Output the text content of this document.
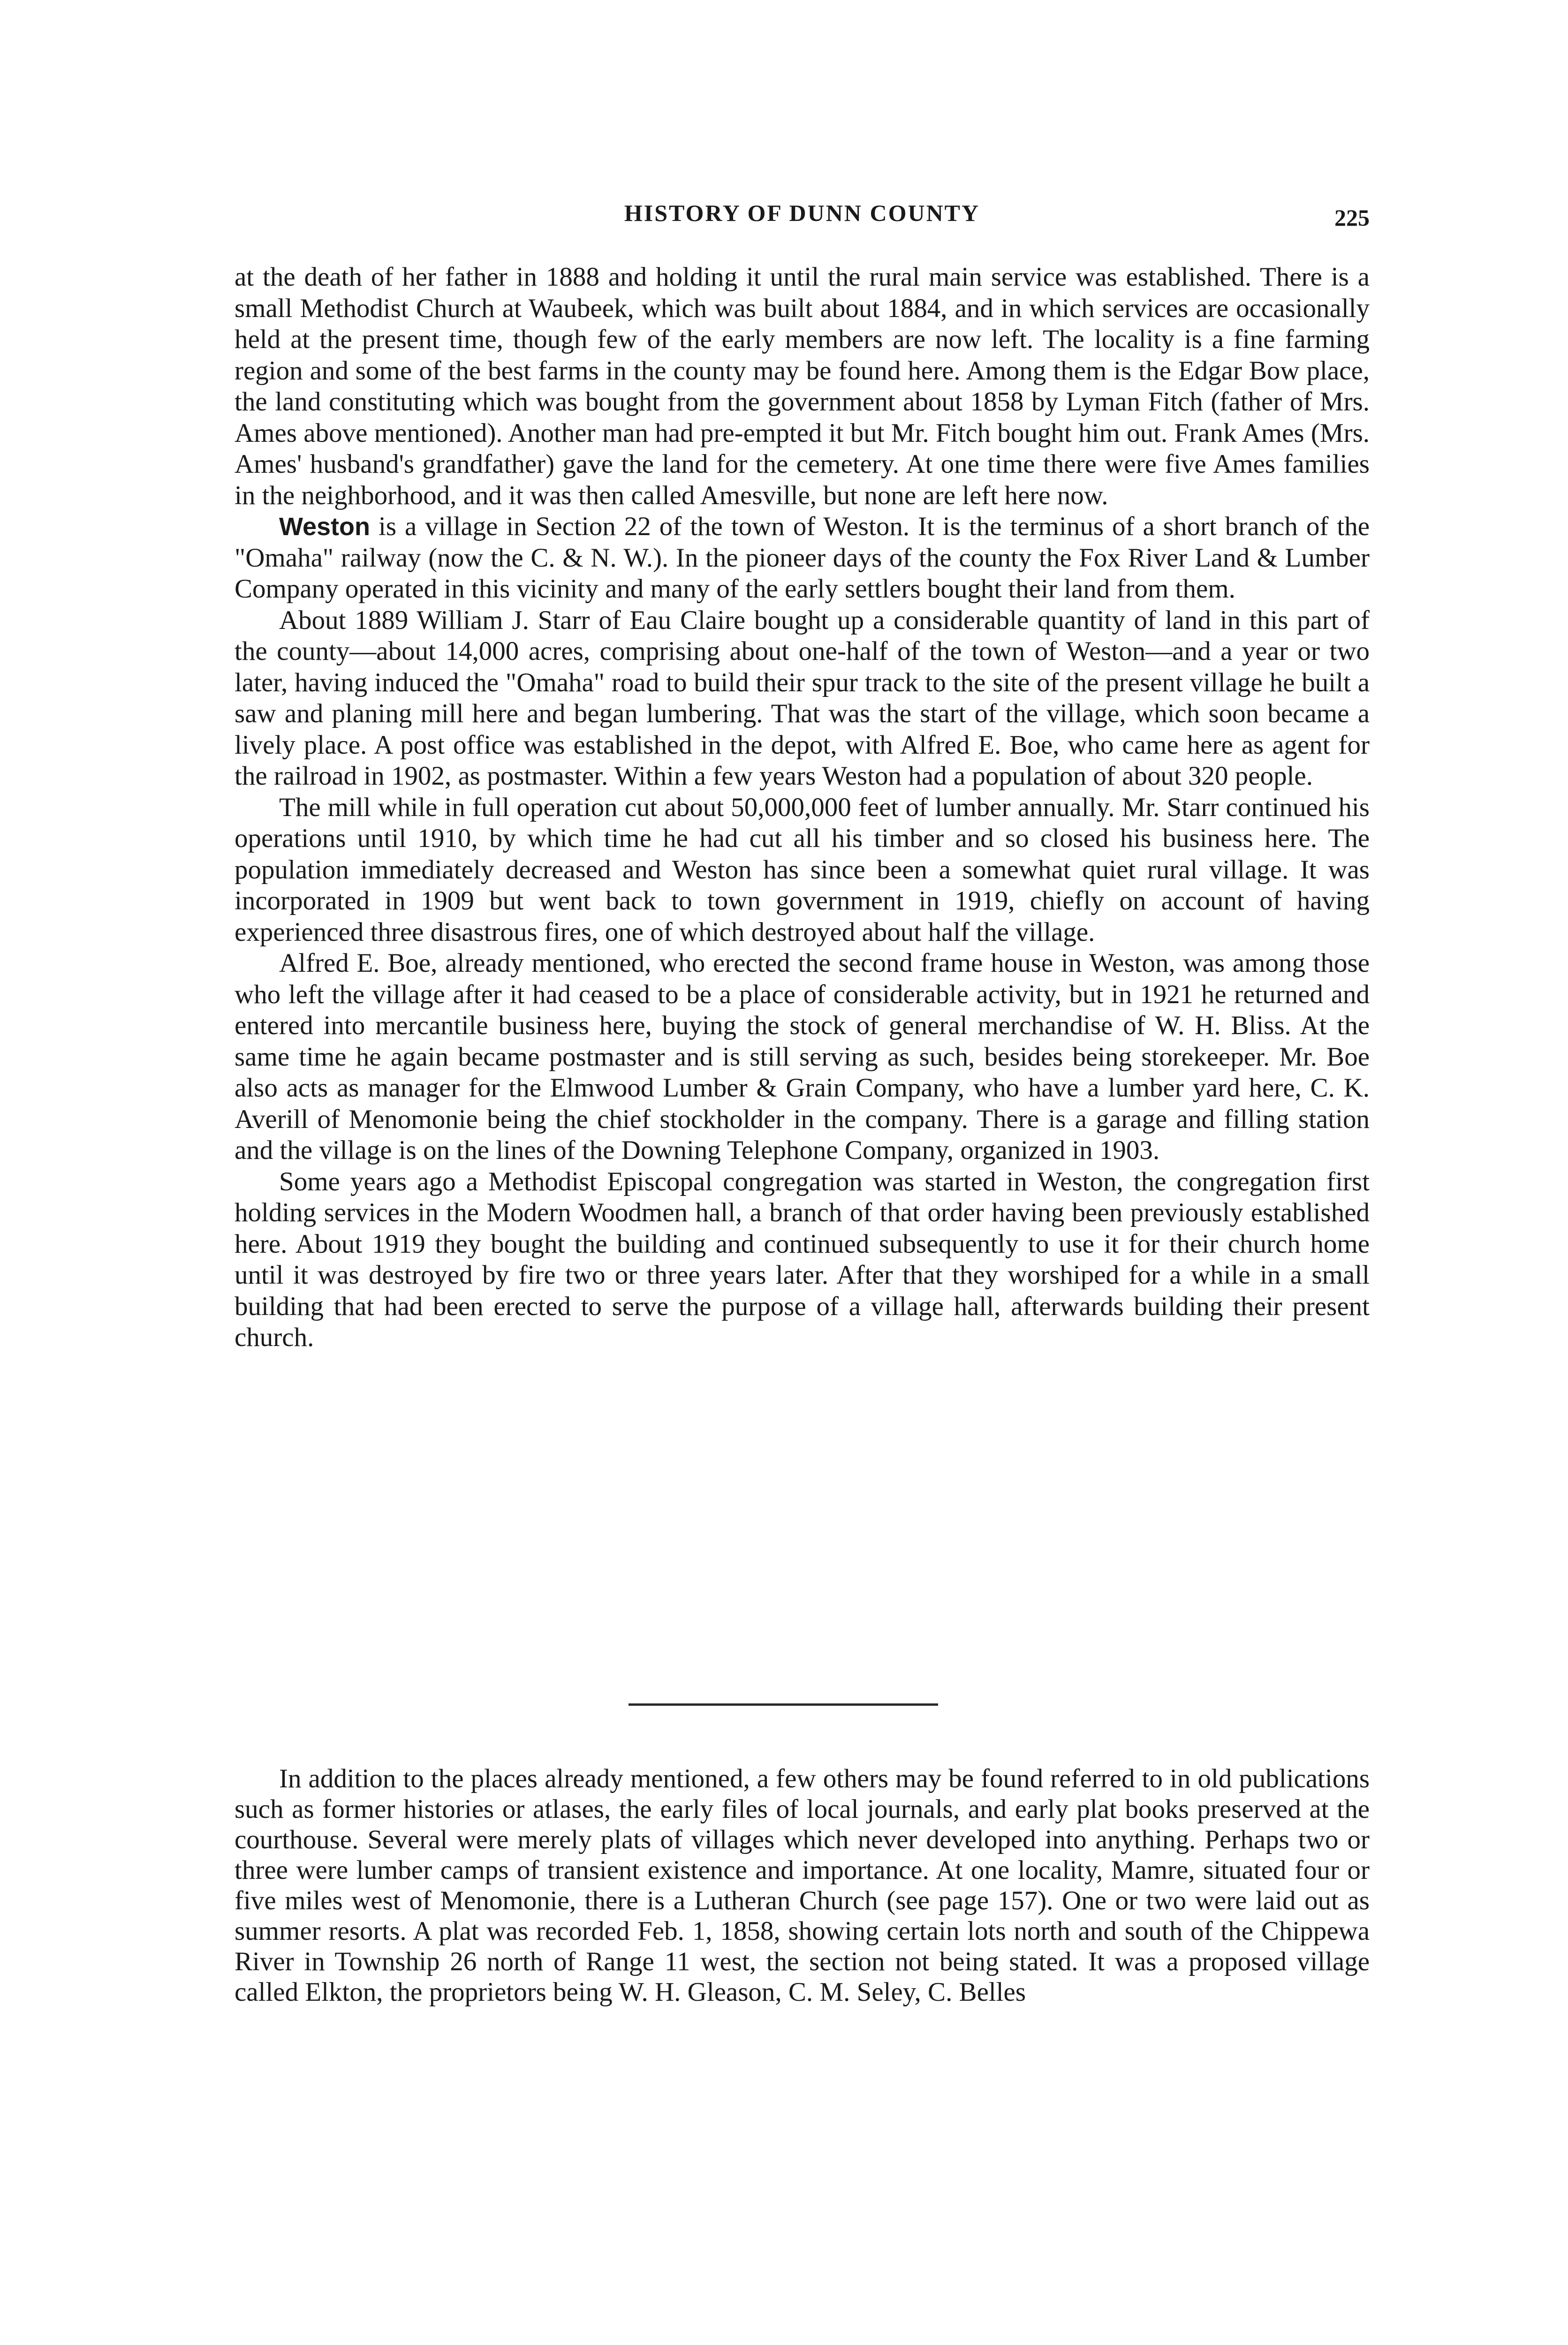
HISTORY OF DUNN COUNTY	225

at the death of her father in 1888 and holding it until the rural main service was established. There is a small Methodist Church at Waubeek, which was built about 1884, and in which services are occasionally held at the present time, though few of the early members are now left. The locality is a fine farming region and some of the best farms in the county may be found here. Among them is the Edgar Bow place, the land constituting which was bought from the government about 1858 by Lyman Fitch (father of Mrs. Ames above mentioned). Another man had pre-empted it but Mr. Fitch bought him out. Frank Ames (Mrs. Ames' husband's grandfather) gave the land for the cemetery. At one time there were five Ames families in the neighborhood, and it was then called Amesville, but none are left here now.

Weston is a village in Section 22 of the town of Weston. It is the terminus of a short branch of the "Omaha" railway (now the C. & N. W.). In the pioneer days of the county the Fox River Land & Lumber Company operated in this vicinity and many of the early settlers bought their land from them.

About 1889 William J. Starr of Eau Claire bought up a considerable quantity of land in this part of the county—about 14,000 acres, comprising about one-half of the town of Weston—and a year or two later, having induced the "Omaha" road to build their spur track to the site of the present village he built a saw and planing mill here and began lumbering. That was the start of the village, which soon became a lively place. A post office was established in the depot, with Alfred E. Boe, who came here as agent for the railroad in 1902, as postmaster. Within a few years Weston had a population of about 320 people.

The mill while in full operation cut about 50,000,000 feet of lumber annually. Mr. Starr continued his operations until 1910, by which time he had cut all his timber and so closed his business here. The population immediately decreased and Weston has since been a somewhat quiet rural village. It was incorporated in 1909 but went back to town government in 1919, chiefly on account of having experienced three disastrous fires, one of which destroyed about half the village.

Alfred E. Boe, already mentioned, who erected the second frame house in Weston, was among those who left the village after it had ceased to be a place of considerable activity, but in 1921 he returned and entered into mercantile business here, buying the stock of general merchandise of W. H. Bliss. At the same time he again became postmaster and is still serving as such, besides being storekeeper. Mr. Boe also acts as manager for the Elmwood Lumber & Grain Company, who have a lumber yard here, C. K. Averill of Menomonie being the chief stockholder in the company. There is a garage and filling station and the village is on the lines of the Downing Telephone Company, organized in 1903.

Some years ago a Methodist Episcopal congregation was started in Weston, the congregation first holding services in the Modern Woodmen hall, a branch of that order having been previously established here. About 1919 they bought the building and continued subsequently to use it for their church home until it was destroyed by fire two or three years later. After that they worshiped for a while in a small building that had been erected to serve the purpose of a village hall, afterwards building their present church.

In addition to the places already mentioned, a few others may be found referred to in old publications such as former histories or atlases, the early files of local journals, and early plat books preserved at the courthouse. Several were merely plats of villages which never developed into anything. Perhaps two or three were lumber camps of transient existence and importance. At one locality, Mamre, situated four or five miles west of Menomonie, there is a Lutheran Church (see page 157). One or two were laid out as summer resorts. A plat was recorded Feb. 1, 1858, showing certain lots north and south of the Chippewa River in Township 26 north of Range 11 west, the section not being stated. It was a proposed village called Elkton, the proprietors being W. H. Gleason, C. M. Seley, C. Belles
